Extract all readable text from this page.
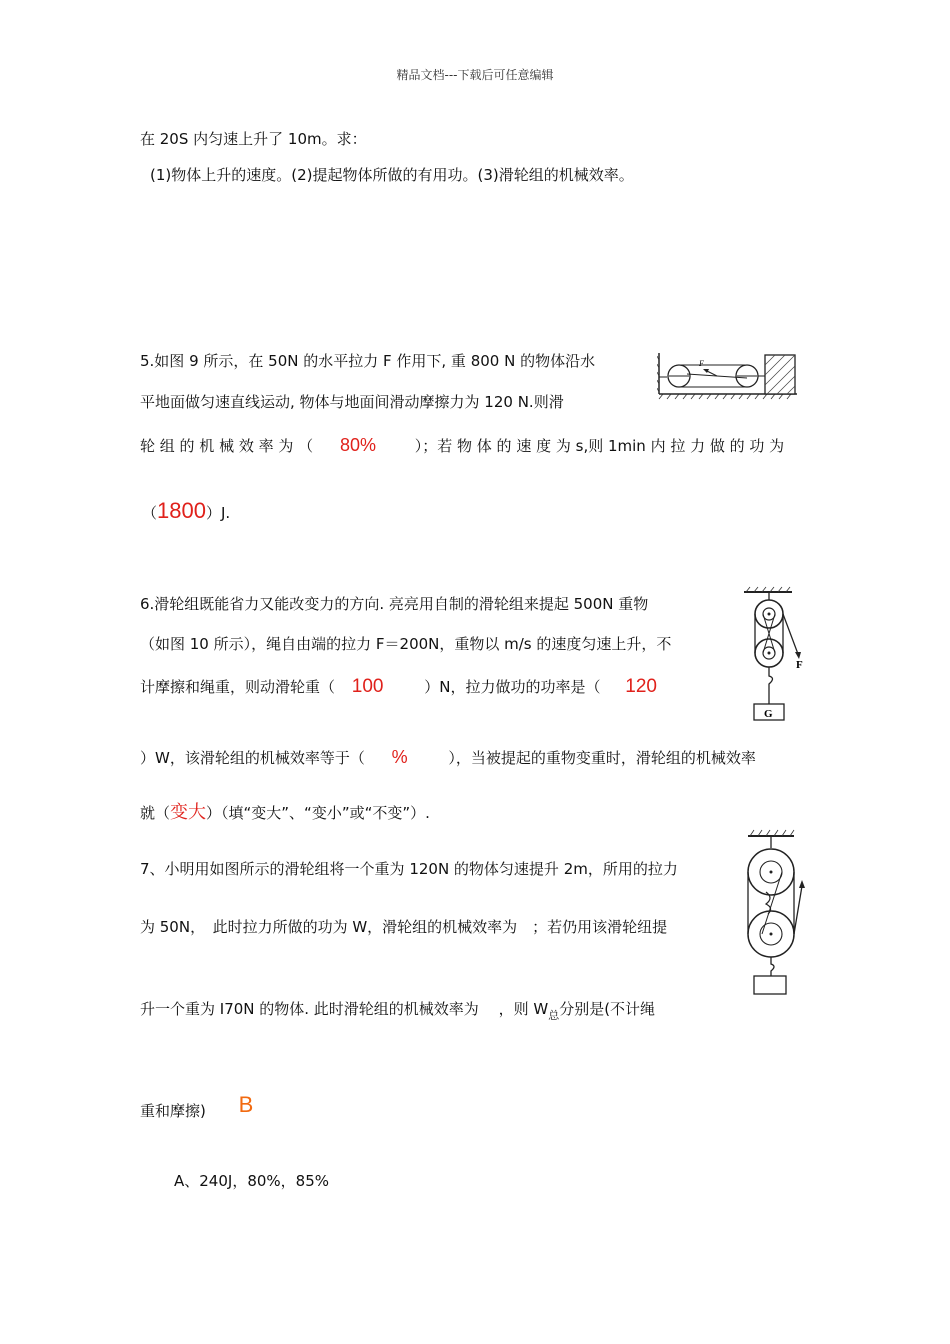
精品文档---下载后可任意编辑
在 20S 内匀速上升了 10m。求：
(1)物体上升的速度。(2)提起物体所做的有用功。(3)滑轮组的机械效率。
5.如图 9 所示，在 50N 的水平拉力 F 作用下, 重 800 N 的物体沿水
平地面做匀速直线运动, 物体与地面间滑动摩擦力为 120 N.则滑
轮 组 的 机 械 效 率 为 （ 80%	）；若 物 体 的 速 度 为 s,则 1min 内 拉 力 做 的 功 为
（1800）J.
F
6.滑轮组既能省力又能改变力的方向. 亮亮用自制的滑轮组来提起 500N 重物
（如图 10 所示），绳自由端的拉力 F＝200N，重物以 m/s 的速度匀速上升，不
计摩擦和绳重，则动滑轮重（ 100	）N，拉力做功的功率是（ 120
）W，该滑轮组的机械效率等于（ %	），当被提起的重物变重时，滑轮组的机械效率
就（变大）（填“变大”、“变小”或“不变”）.
F
G
7、小明用如图所示的滑轮组将一个重为 120N 的物体匀速提升 2m，所用的拉力
为 50N，　此时拉力所做的功为 W，滑轮组的机械效率为　；若仍用该滑轮纽提
升一个重为 I70N 的物体. 此时滑轮组的机械效率为　 ，则 $W_总$分别是(不计绳
重和摩擦) B
A、240J，80%，85%
